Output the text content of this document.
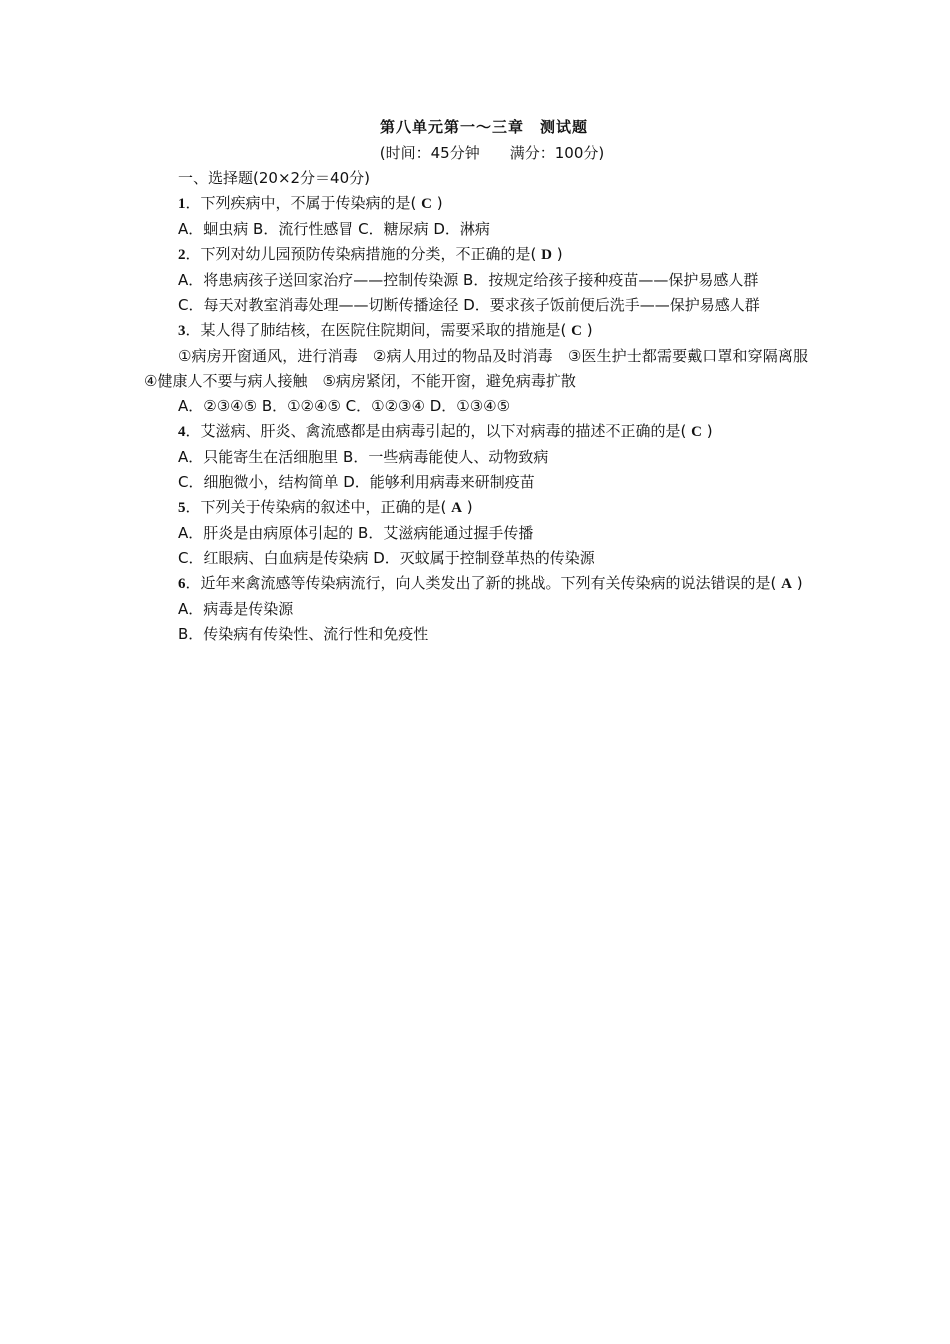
第八单元第一～三章　测试题
(时间：45分钟 满分：100分)
一、选择题(20×2分＝40分)
1．下列疾病中，不属于传染病的是( C )
A．蛔虫病 B．流行性感冒 C．糖尿病 D．淋病
2．下列对幼儿园预防传染病措施的分类，不正确的是( D )
A．将患病孩子送回家治疗——控制传染源 B．按规定给孩子接种疫苗——保护易感人群
C．每天对教室消毒处理——切断传播途径 D．要求孩子饭前便后洗手——保护易感人群
3．某人得了肺结核，在医院住院期间，需要采取的措施是( C )
①病房开窗通风，进行消毒　②病人用过的物品及时消毒　③医生护士都需要戴口罩和穿隔离服　④健康人不要与病人接触　⑤病房紧闭，不能开窗，避免病毒扩散
A．②③④⑤ B．①②④⑤ C．①②③④ D．①③④⑤
4．艾滋病、肝炎、禽流感都是由病毒引起的，以下对病毒的描述不正确的是( C )
A．只能寄生在活细胞里 B．一些病毒能使人、动物致病
C．细胞微小，结构简单 D．能够利用病毒来研制疫苗
5．下列关于传染病的叙述中，正确的是( A )
A．肝炎是由病原体引起的 B．艾滋病能通过握手传播
C．红眼病、白血病是传染病 D．灭蚊属于控制登革热的传染源
6．近年来禽流感等传染病流行，向人类发出了新的挑战。下列有关传染病的说法错误的是( A )
A．病毒是传染源
B．传染病有传染性、流行性和免疫性
